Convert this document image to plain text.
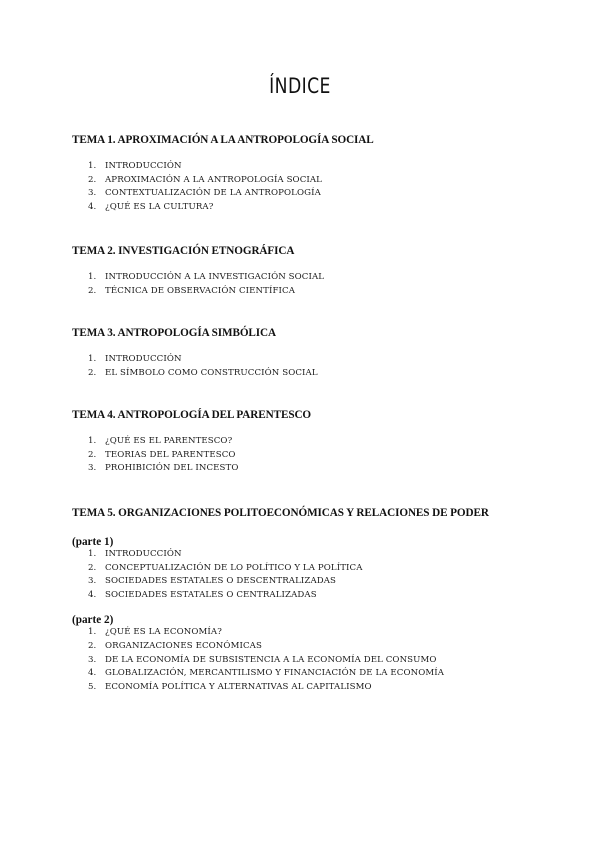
ÍNDICE
TEMA 1. APROXIMACIÓN A LA ANTROPOLOGÍA SOCIAL
1.	INTRODUCCIÓN
2.	APROXIMACIÓN A LA ANTROPOLOGÍA SOCIAL
3.	CONTEXTUALIZACIÓN DE LA ANTROPOLOGÍA
4.	¿QUÉ ES LA CULTURA?
TEMA 2. INVESTIGACIÓN ETNOGRÁFICA
1.	INTRODUCCIÓN A LA INVESTIGACIÓN SOCIAL
2.	TÉCNICA DE OBSERVACIÓN CIENTÍFICA
TEMA 3. ANTROPOLOGÍA SIMBÓLICA
1.	INTRODUCCIÓN
2.	EL SÍMBOLO COMO CONSTRUCCIÓN SOCIAL
TEMA 4. ANTROPOLOGÍA DEL PARENTESCO
1.	¿QUÉ ES EL PARENTESCO?
2.	TEORIAS DEL PARENTESCO
3.	PROHIBICIÓN DEL INCESTO
TEMA 5. ORGANIZACIONES POLITOECONÓMICAS Y RELACIONES DE PODER
(parte 1)
1.	INTRODUCCIÓN
2.	CONCEPTUALIZACIÓN DE LO POLÍTICO Y LA POLÍTICA
3.	SOCIEDADES ESTATALES O DESCENTRALIZADAS
4.	SOCIEDADES ESTATALES O CENTRALIZADAS
(parte 2)
1.	¿QUÉ ES LA ECONOMÍA?
2.	ORGANIZACIONES ECONÓMICAS
3.	DE LA ECONOMÍA DE SUBSISTENCIA A LA ECONOMÍA DEL CONSUMO
4.	GLOBALIZACIÓN, MERCANTILISMO Y FINANCIACIÓN DE LA ECONOMÍA
5.	ECONOMÍA POLÍTICA Y ALTERNATIVAS AL CAPITALISMO
